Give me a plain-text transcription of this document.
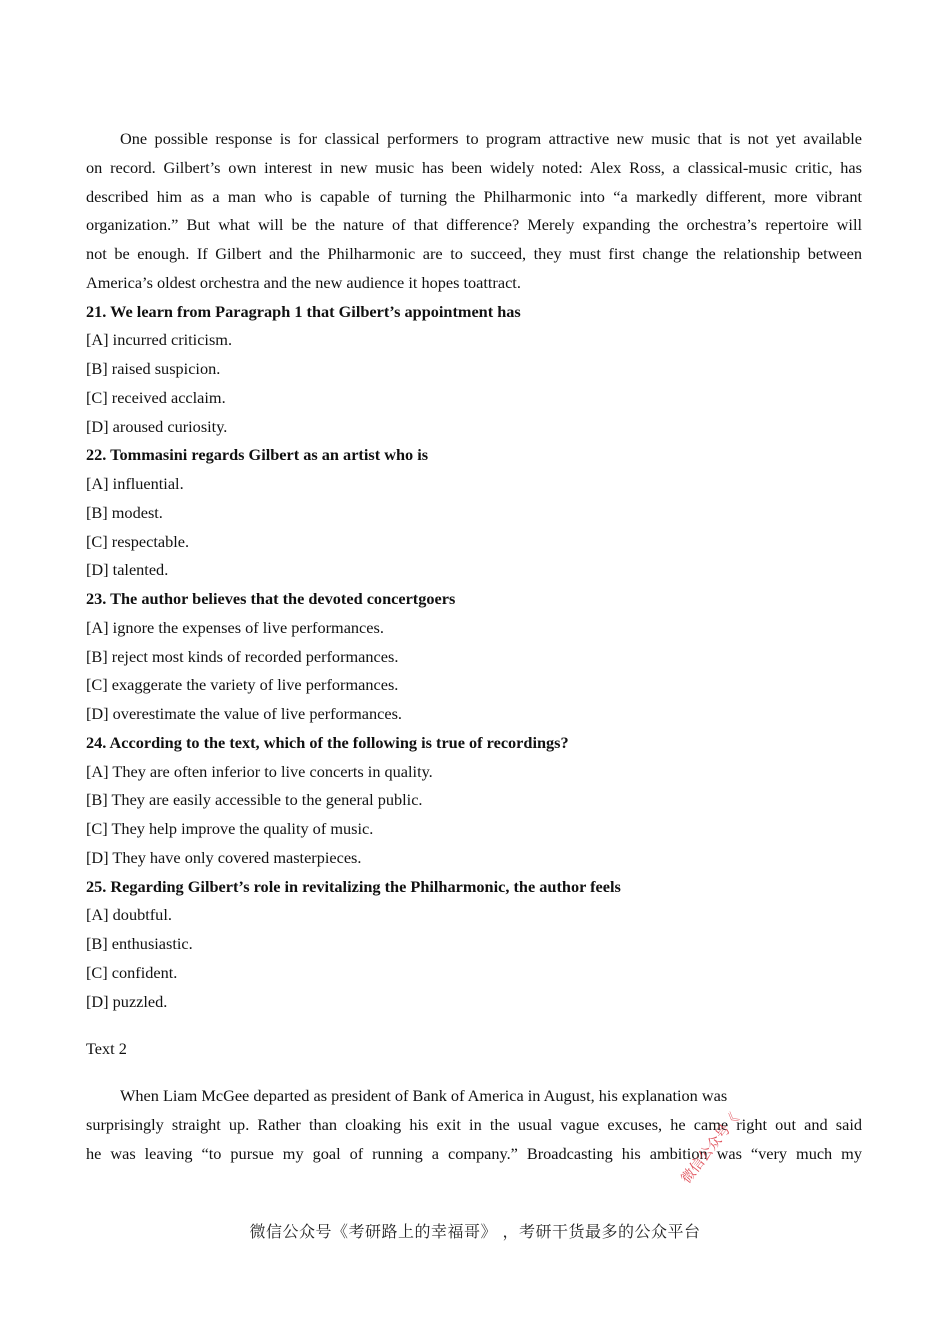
One possible response is for classical performers to program attractive new music that is not yet available
on record. Gilbert’s own interest in new music has been widely noted: Alex Ross, a classical-music critic, has
described him as a man who is capable of turning the Philharmonic into “a markedly different, more vibrant
organization.” But what will be the nature of that difference? Merely expanding the orchestra’s repertoire will
not be enough. If Gilbert and the Philharmonic are to succeed, they must first change the relationship between
America’s oldest orchestra and the new audience it hopes toattract.
21. We learn from Paragraph 1 that Gilbert’s appointment has
[A] incurred criticism.
[B] raised suspicion.
[C] received acclaim.
[D] aroused curiosity.
22. Tommasini regards Gilbert as an artist who is
[A] influential.
[B] modest.
[C] respectable.
[D] talented.
23. The author believes that the devoted concertgoers
[A] ignore the expenses of live performances.
[B] reject most kinds of recorded performances.
[C] exaggerate the variety of live performances.
[D] overestimate the value of live performances.
24. According to the text, which of the following is true of recordings?
[A] They are often inferior to live concerts in quality.
[B] They are easily accessible to the general public.
[C] They help improve the quality of music.
[D] They have only covered masterpieces.
25. Regarding Gilbert’s role in revitalizing the Philharmonic, the author feels
[A] doubtful.
[B] enthusiastic.
[C] confident.
[D] puzzled.
Text 2
When Liam McGee departed as president of Bank of America in August, his explanation was
surprisingly straight up. Rather than cloaking his exit in the usual vague excuses, he came right out and said
he was leaving “to pursue my goal of running a company.” Broadcasting his ambition was “very much my
微信公众号《考研路上的幸福哥》 ，考研干货最多的公众平台
微信公众号《
